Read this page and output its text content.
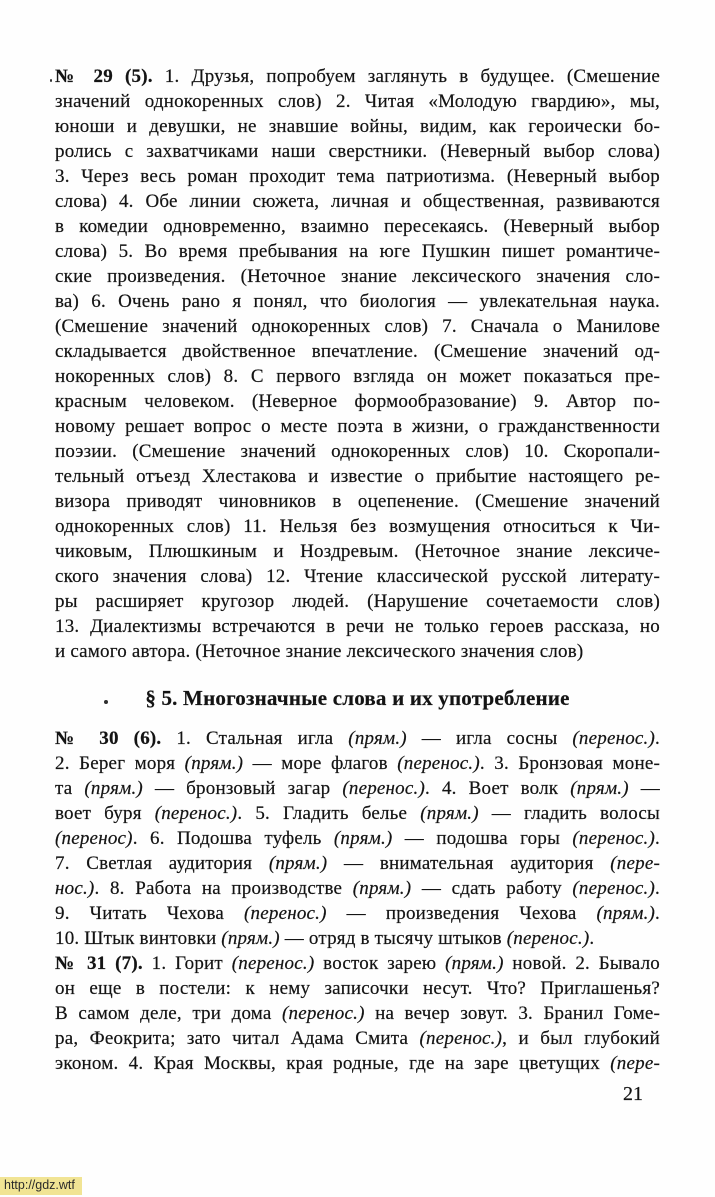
№ 29 (5). 1. Друзья, попробуем заглянуть в будущее. (Смешение
значений однокоренных слов) 2. Читая «Молодую гвардию», мы,
юноши и девушки, не знавшие войны, видим, как героически бо-
ролись с захватчиками наши сверстники. (Неверный выбор слова)
3. Через весь роман проходит тема патриотизма. (Неверный выбор
слова) 4. Обе линии сюжета, личная и общественная, развиваются
в комедии одновременно, взаимно пересекаясь. (Неверный выбор
слова) 5. Во время пребывания на юге Пушкин пишет романтиче-
ские произведения. (Неточное знание лексического значения сло-
ва) 6. Очень рано я понял, что биология — увлекательная наука.
(Смешение значений однокоренных слов) 7. Сначала о Манилове
складывается двойственное впечатление. (Смешение значений од-
нокоренных слов) 8. С первого взгляда он может показаться пре-
красным человеком. (Неверное формообразование) 9. Автор по-
новому решает вопрос о месте поэта в жизни, о гражданственности
поэзии. (Смешение значений однокоренных слов) 10. Скоропали-
тельный отъезд Хлестакова и известие о прибытие настоящего ре-
визора приводят чиновников в оцепенение. (Смешение значений
однокоренных слов) 11. Нельзя без возмущения относиться к Чи-
чиковым, Плюшкиным и Ноздревым. (Неточное знание лексиче-
ского значения слова) 12. Чтение классической русской литерату-
ры расширяет кругозор людей. (Нарушение сочетаемости слов)
13. Диалектизмы встречаются в речи не только героев рассказа, но
и самого автора. (Неточное знание лексического значения слов)
§ 5. Многозначные слова и их употребление
№ 30 (6). 1. Стальная игла (прям.) — игла сосны (перенос.).
2. Берег моря (прям.) — море флагов (перенос.). 3. Бронзовая моне-
та (прям.) — бронзовый загар (перенос.). 4. Воет волк (прям.) —
воет буря (перенос.). 5. Гладить белье (прям.) — гладить волосы
(перенос). 6. Подошва туфель (прям.) — подошва горы (перенос.).
7. Светлая аудитория (прям.) — внимательная аудитория (пере-
нос.). 8. Работа на производстве (прям.) — сдать работу (перенос.).
9. Читать Чехова (перенос.) — произведения Чехова (прям.).
10. Штык винтовки (прям.) — отряд в тысячу штыков (перенос.).
№ 31 (7). 1. Горит (перенос.) восток зарею (прям.) новой. 2. Бывало
он еще в постели: к нему записочки несут. Что? Приглашенья?
В самом деле, три дома (перенос.) на вечер зовут. 3. Бранил Гоме-
ра, Феокрита; зато читал Адама Смита (перенос.), и был глубокий
эконом. 4. Края Москвы, края родные, где на заре цветущих (пере-
21
http://gdz.wtf
